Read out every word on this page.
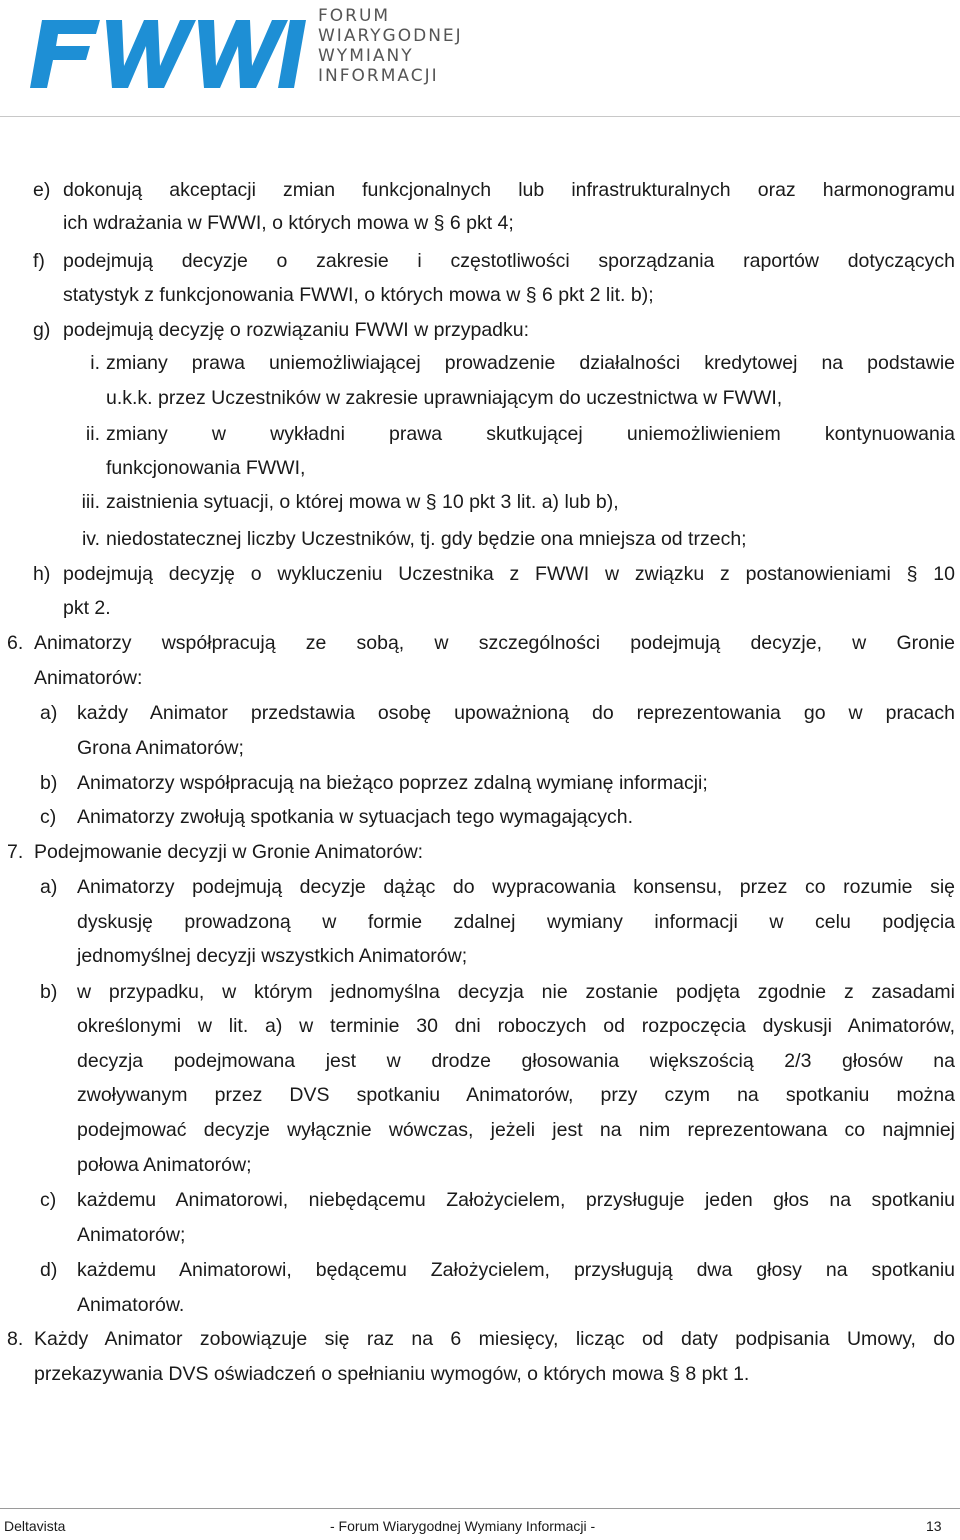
FORUM
WIARYGODNEJ
WYMIANY
INFORMACJI
e) dokonują akceptacji zmian funkcjonalnych lub infrastrukturalnych oraz harmonogramu
ich wdrażania w FWWI, o których mowa w § 6 pkt 4;
f) podejmują decyzje o zakresie i częstotliwości sporządzania raportów dotyczących
statystyk z funkcjonowania FWWI, o których mowa w § 6 pkt 2 lit. b);
g) podejmują decyzję o rozwiązaniu FWWI w przypadku:
i. zmiany prawa uniemożliwiającej prowadzenie działalności kredytowej na podstawie
u.k.k. przez Uczestników w zakresie uprawniającym do uczestnictwa w FWWI,
ii. zmiany w wykładni prawa skutkującej uniemożliwieniem kontynuowania
funkcjonowania FWWI,
iii. zaistnienia sytuacji, o której mowa w § 10 pkt 3 lit. a) lub b),
iv. niedostatecznej liczby Uczestników, tj. gdy będzie ona mniejsza od trzech;
h) podejmują decyzję o wykluczeniu Uczestnika z FWWI w związku z postanowieniami § 10
pkt 2.
6. Animatorzy współpracują ze sobą, w szczególności podejmują decyzje, w Gronie
Animatorów:
a) każdy Animator przedstawia osobę upoważnioną do reprezentowania go w pracach
Grona Animatorów;
b) Animatorzy współpracują na bieżąco poprzez zdalną wymianę informacji;
c) Animatorzy zwołują spotkania w sytuacjach tego wymagających.
7. Podejmowanie decyzji w Gronie Animatorów:
a) Animatorzy podejmują decyzje dążąc do wypracowania konsensu, przez co rozumie się
dyskusję prowadzoną w formie zdalnej wymiany informacji w celu podjęcia
jednomyślnej decyzji wszystkich Animatorów;
b) w przypadku, w którym jednomyślna decyzja nie zostanie podjęta zgodnie z zasadami
określonymi w lit. a) w terminie 30 dni roboczych od rozpoczęcia dyskusji Animatorów,
decyzja podejmowana jest w drodze głosowania większością 2/3 głosów na
zwoływanym przez DVS spotkaniu Animatorów, przy czym na spotkaniu można
podejmować decyzje wyłącznie wówczas, jeżeli jest na nim reprezentowana co najmniej
połowa Animatorów;
c) każdemu Animatorowi, niebędącemu Założycielem, przysługuje jeden głos na spotkaniu
Animatorów;
d) każdemu Animatorowi, będącemu Założycielem, przysługują dwa głosy na spotkaniu
Animatorów.
8. Każdy Animator zobowiązuje się raz na 6 miesięcy, licząc od daty podpisania Umowy, do
przekazywania DVS oświadczeń o spełnianiu wymogów, o których mowa § 8 pkt 1.
Deltavista	- Forum Wiarygodnej Wymiany Informacji -	13
